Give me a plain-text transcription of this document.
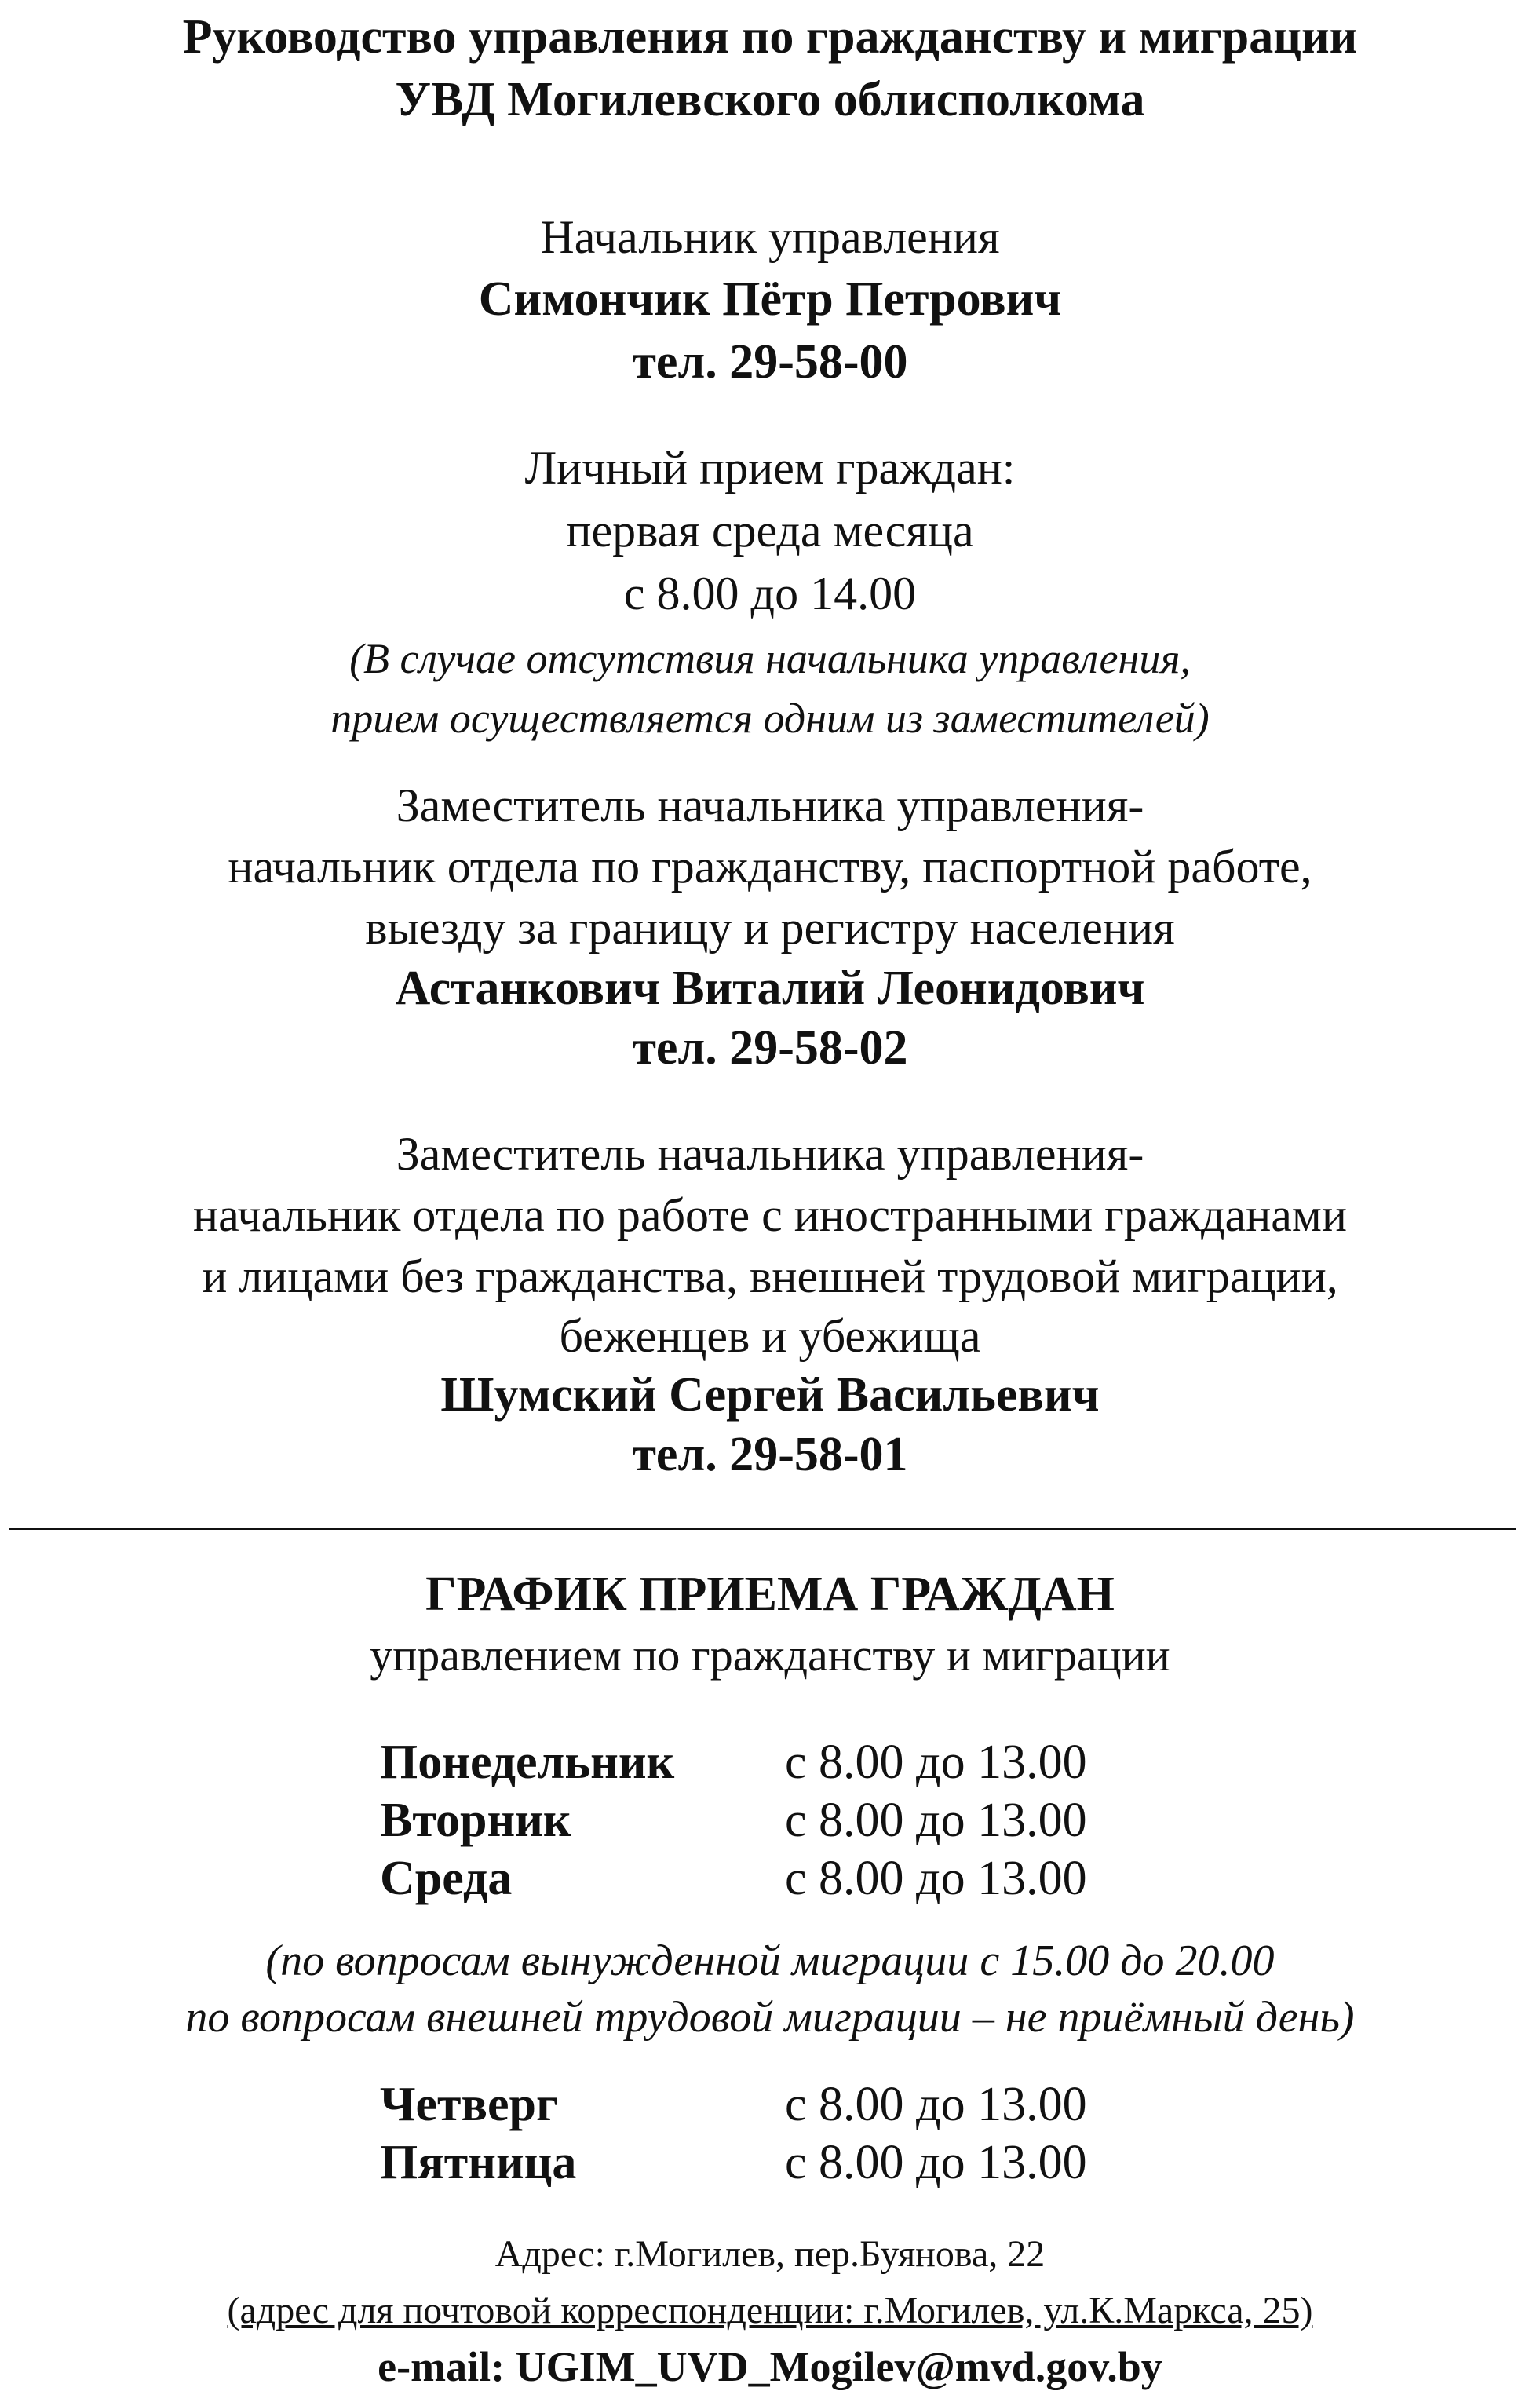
Руководство управления по гражданству и миграции
УВД Могилевского облисполкома
Начальник управления
Симончик Пётр Петрович
тел. 29-58-00
Личный прием граждан:
первая среда месяца
с 8.00 до 14.00
(В случае отсутствия начальника управления,
прием осуществляется одним из заместителей)
Заместитель начальника управления-
начальник отдела по гражданству, паспортной работе,
выезду за границу и регистру населения
Астанкович Виталий Леонидович
тел. 29-58-02
Заместитель начальника управления-
начальник отдела по работе с иностранными гражданами
и лицами без гражданства, внешней трудовой миграции,
беженцев и убежища
Шумский Сергей Васильевич
тел. 29-58-01
ГРАФИК ПРИЕМА ГРАЖДАН
управлением по гражданству и миграции
Понедельник с 8.00 до 13.00
Вторник	с 8.00 до 13.00
Среда	с 8.00 до 13.00
(по вопросам вынужденной миграции с 15.00 до 20.00
по вопросам внешней трудовой миграции – не приёмный день)
Четверг	с 8.00 до 13.00
Пятница	с 8.00 до 13.00
Адрес: г.Могилев, пер.Буянова, 22
(адрес для почтовой корреспонденции: г.Могилев, ул.К.Маркса, 25)
e-mail: UGIM_UVD_Mogilev@mvd.gov.by
